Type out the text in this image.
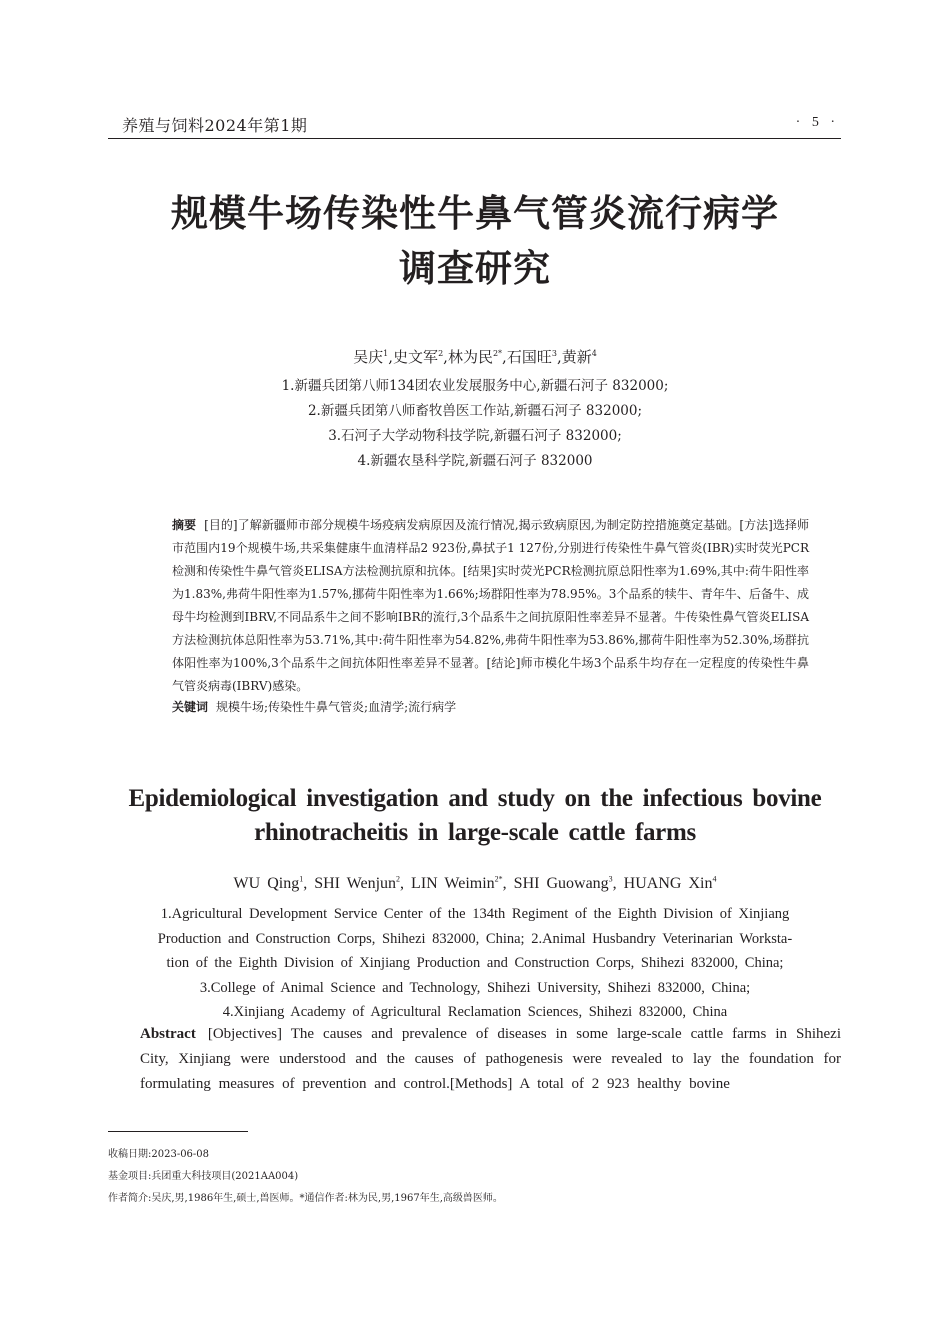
养殖与饲料2024年第1期	· 5 ·
规模牛场传染性牛鼻气管炎流行病学
调查研究
吴庆$^1$,史文军$^2$,林为民$^{2*}$,石国旺$^3$,黄新$^4$
1.新疆兵团第八师134团农业发展服务中心,新疆石河子 832000;
2.新疆兵团第八师畜牧兽医工作站,新疆石河子 832000;
3.石河子大学动物科技学院,新疆石河子 832000;
4.新疆农垦科学院,新疆石河子 832000
摘要 [目的]了解新疆师市部分规模牛场疫病发病原因及流行情况,揭示致病原因,为制定防控措施奠定基础。[方法]选择师市范围内19个规模牛场,共采集健康牛血清样品2 923份,鼻拭子1 127份,分别进行传染性牛鼻气管炎(IBR)实时荧光PCR检测和传染性牛鼻气管炎ELISA方法检测抗原和抗体。[结果]实时荧光PCR检测抗原总阳性率为1.69%,其中:荷牛阳性率为1.83%,弗荷牛阳性率为1.57%,挪荷牛阳性率为1.66%;场群阳性率为78.95%。3个品系的犊牛、青年牛、后备牛、成母牛均检测到IBRV,不同品系牛之间不影响IBR的流行,3个品系牛之间抗原阳性率差异不显著。牛传染性鼻气管炎ELISA方法检测抗体总阳性率为53.71%,其中:荷牛阳性率为54.82%,弗荷牛阳性率为53.86%,挪荷牛阳性率为52.30%,场群抗体阳性率为100%,3个品系牛之间抗体阳性率差异不显著。[结论]师市模化牛场3个品系牛均存在一定程度的传染性牛鼻气管炎病毒(IBRV)感染。
关键词 规模牛场;传染性牛鼻气管炎;血清学;流行病学
Epidemiological investigation and study on the infectious bovine
rhinotracheitis in large-scale cattle farms
WU Qing$^1$, SHI Wenjun$^2$, LIN Weimin$^{2*}$, SHI Guowang$^3$, HUANG Xin$^4$
1.Agricultural Development Service Center of the 134th Regiment of the Eighth Division of Xinjiang
Production and Construction Corps, Shihezi 832000, China; 2.Animal Husbandry Veterinarian Worksta-
tion of the Eighth Division of Xinjiang Production and Construction Corps, Shihezi 832000, China;
3.College of Animal Science and Technology, Shihezi University, Shihezi 832000, China;
4.Xinjiang Academy of Agricultural Reclamation Sciences, Shihezi 832000, China
Abstract [Objectives] The causes and prevalence of diseases in some large-scale cattle farms in Shihezi City, Xinjiang were understood and the causes of pathogenesis were revealed to lay the foundation for formulating measures of prevention and control.[Methods] A total of 2 923 healthy bovine
收稿日期:2023-06-08
基金项目:兵团重大科技项目(2021AA004)
作者简介:吴庆,男,1986年生,硕士,兽医师。*通信作者:林为民,男,1967年生,高级兽医师。
